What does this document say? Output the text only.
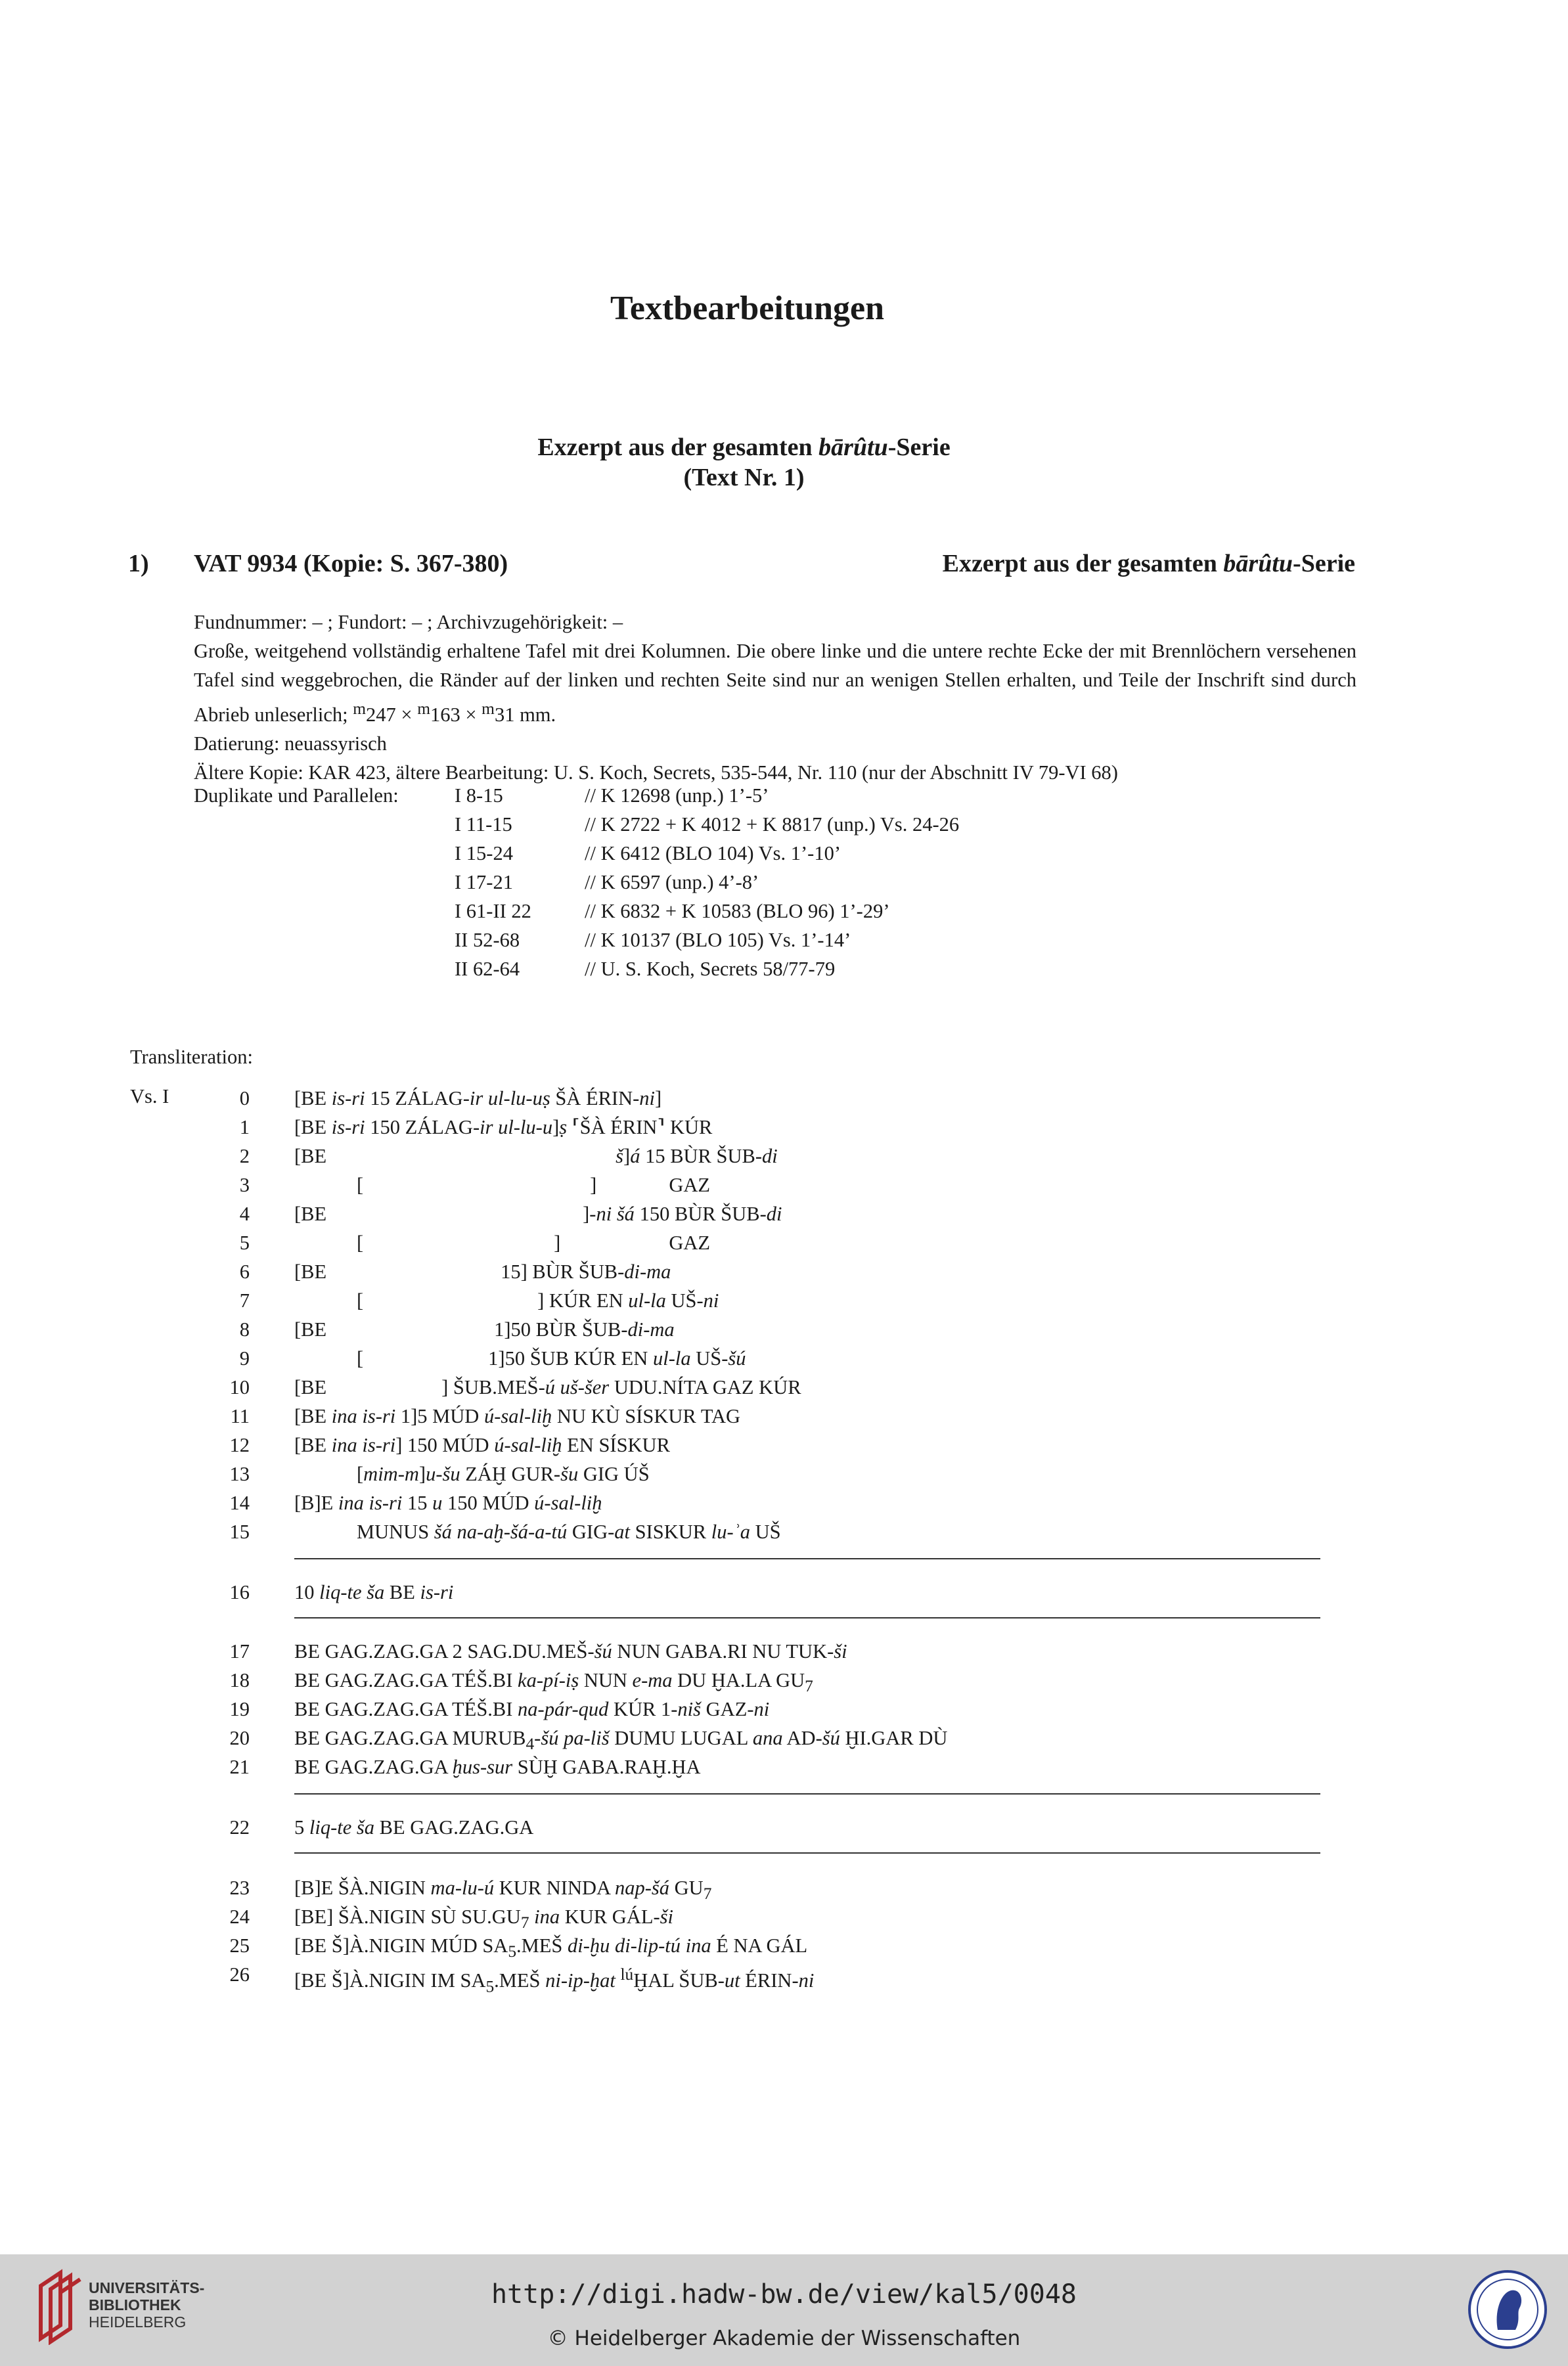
Textbearbeitungen
Exzerpt aus der gesamten bārûtu-Serie
(Text Nr. 1)
1) VAT 9934 (Kopie: S. 367-380)	Exzerpt aus der gesamten bārûtu-Serie

Fundnummer: – ; Fundort: – ; Archivzugehörigkeit: –

Große, weitgehend vollständig erhaltene Tafel mit drei Kolumnen. Die obere linke und die untere rechte Ecke der mit Brennlöchern versehenen Tafel sind weggebrochen, die Ränder auf der linken und rechten Seite sind nur an wenigen Stellen erhalten, und Teile der Inschrift sind durch Abrieb unleserlich; $^m$247 × $^m$163 × $^m$31 mm.

Datierung: neuassyrisch

Ältere Kopie: KAR 423, ältere Bearbeitung: U. S. Koch, Secrets, 535-544, Nr. 110 (nur der Abschnitt IV 79-VI 68)

Duplikate und Parallelen:	I 8-15	// K 12698 (unp.) 1’-5’
I 11-15	// K 2722 + K 4012 + K 8817 (unp.) Vs. 24-26
I 15-24	// K 6412 (BLO 104) Vs. 1’-10’
I 17-21	// K 6597 (unp.) 4’-8’
I 61-II 22	// K 6832 + K 10583 (BLO 96) 1’-29’
II 52-68	// K 10137 (BLO 105) Vs. 1’-14’
II 62-64	// U. S. Koch, Secrets 58/77-79
Transliteration:
Vs. I	0 [BE is-ri 15 ZÁLAG-ir ul-lu-uṣ ŠÀ ÉRIN-ni]
1 [BE is-ri 150 ZÁLAG-ir ul-lu-u]ṣ ⸢ŠÀ ÉRIN⸣ KÚR
2 [BE	š]á 15 BÙR ŠUB-di
3	[	]	GAZ
4 [BE	]-ni šá 150 BÙR ŠUB-di
5	[	]	GAZ
6 [BE	15] BÙR ŠUB-di-ma
7	[	] KÚR EN ul-la UŠ-ni
8 [BE	1]50 BÙR ŠUB-di-ma
9	[	1]50 ŠUB KÚR EN ul-la UŠ-šú
10 [BE	] ŠUB.MEŠ-ú uš-šer UDU.NÍTA GAZ KÚR
11 [BE ina is-ri 1]5 MÚD ú-sal-liḫ NU KÙ SÍSKUR TAG
12 [BE ina is-ri] 150 MÚD ú-sal-liḫ EN SÍSKUR
13	[mim-m]u-šu ZÁḪ GUR-šu GIG ÚŠ
14 [B]E ina is-ri 15 u 150 MÚD ú-sal-liḫ
15	MUNUS šá na-aḫ-šá-a-tú GIG-at SISKUR lu-ʾa UŠ
16 10 liq-te ša BE is-ri
17 BE GAG.ZAG.GA 2 SAG.DU.MEŠ-šú NUN GABA.RI NU TUK-ši
18 BE GAG.ZAG.GA TÉŠ.BI ka-pí-iṣ NUN e-ma DU ḪA.LA $GU_7$
19 BE GAG.ZAG.GA TÉŠ.BI na-pár-qud KÚR 1-niš GAZ-ni
20 BE GAG.ZAG.GA $MURUB_4-šú$ pa-liš DUMU LUGAL ana AD-šú ḪI.GAR DÙ
21 BE GAG.ZAG.GA ḫus-sur SÙḪ GABA.RAḪ.ḪA
22 5 liq-te ša BE GAG.ZAG.GA
23 [B]E ŠÀ.NIGIN ma-lu-ú KUR NINDA nap-šá $GU_7$
24 [BE] ŠÀ.NIGIN SÙ $SU.GU_7$ ina KUR GÁL-ši
25 [BE Š]À.NIGIN MÚD $SA_5.MEŠ$ di-ḫu di-lip-tú ina É NA GÁL
26 [BE Š]À.NIGIN IM $SA_5.MEŠ$ ni-ip-ḫat $^{lú}$ḪAL ŠUB-ut ÉRIN-ni
UNIVERSITÄTS-
BIBLIOTHEK
HEIDELBERG
http://digi.hadw-bw.de/view/kal5/0048
© Heidelberger Akademie der Wissenschaften
